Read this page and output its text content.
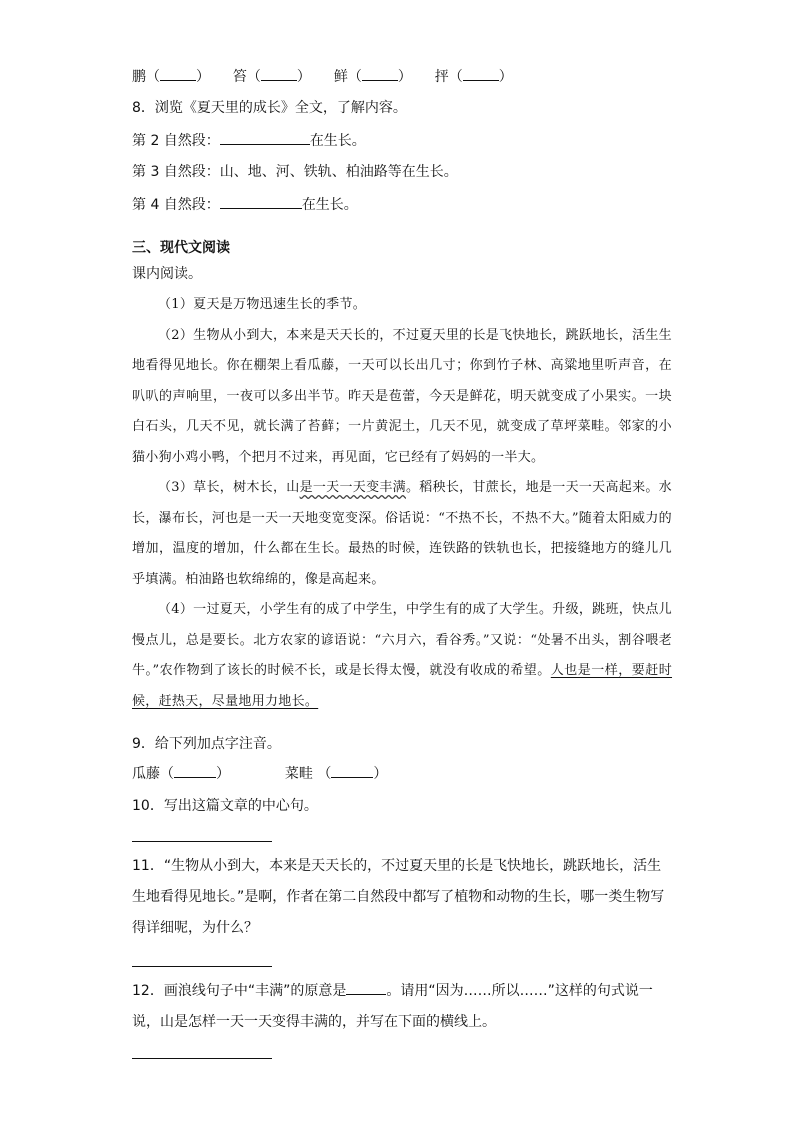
鹏（	） 笞（	） 鲜（	） 抨（	）
8．浏览《夏天里的成长》全文，了解内容。
第 2 自然段：	在生长。
第 3 自然段：山、地、河、铁轨、柏油路等在生长。
第 4 自然段：	在生长。
三、现代文阅读
课内阅读。

（1）夏天是万物迅速生长的季节。

（2）生物从小到大，本来是天天长的，不过夏天里的长是飞快地长，跳跃地长，活生生地看得见地长。你在棚架上看瓜藤，一天可以长出几寸；你到竹子林、高粱地里听声音，在叭叭的声响里，一夜可以多出半节。昨天是苞蕾，今天是鲜花，明天就变成了小果实。一块白石头，几天不见，就长满了苔藓；一片黄泥土，几天不见，就变成了草坪菜畦。邻家的小猫小狗小鸡小鸭，个把月不过来，再见面，它已经有了妈妈的一半大。

（3）草长，树木长，山是一天一天变丰满。稻秧长，甘蔗长，地是一天一天高起来。水长，瀑布长，河也是一天一天地变宽变深。俗话说：“不热不长，不热不大。”随着太阳威力的增加，温度的增加，什么都在生长。最热的时候，连铁路的铁轨也长，把接缝地方的缝儿几乎填满。柏油路也软绵绵的，像是高起来。

（4）一过夏天，小学生有的成了中学生，中学生有的成了大学生。升级，跳班，快点儿慢点儿，总是要长。北方农家的谚语说：“六月六，看谷秀。”又说：“处暑不出头，割谷喂老牛。”农作物到了该长的时候不长，或是长得太慢，就没有收成的希望。人也是一样，要赶时候，赶热天，尽量地用力地长。

9．给下列加点字注音。
瓜藤（	）	菜畦 （	）
10．写出这篇文章的中心句。
11．“生物从小到大，本来是天天长的，不过夏天里的长是飞快地长，跳跃地长，活生生地看得见地长。”是啊，作者在第二自然段中都写了植物和动物的生长，哪一类生物写得详细呢，为什么？
12．画浪线句子中“丰满”的原意是	。请用“因为……所以……”这样的句式说一说，山是怎样一天一天变得丰满的，并写在下面的横线上。
